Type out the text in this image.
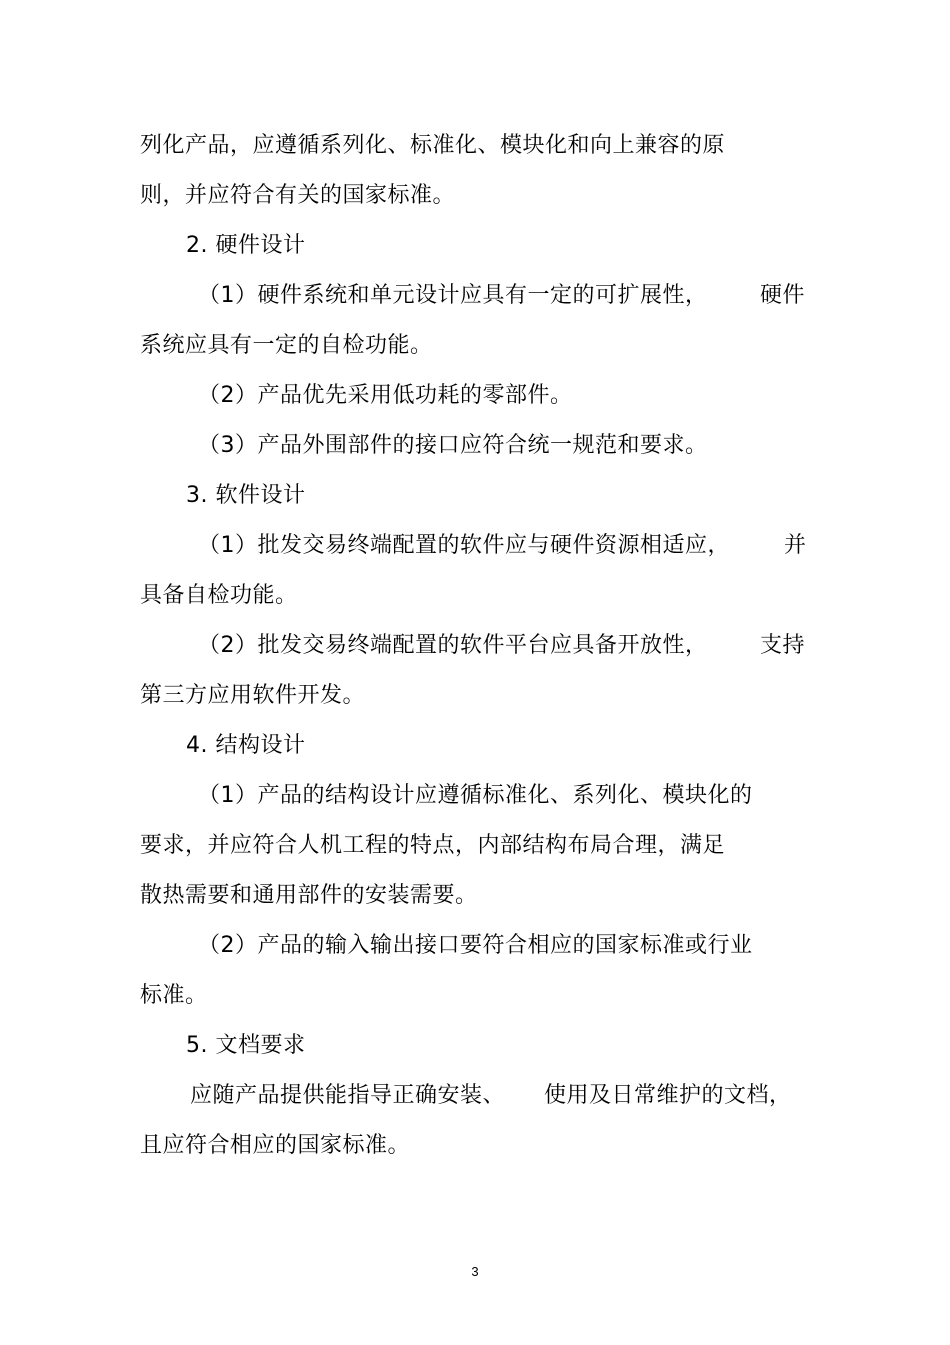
列化产品，应遵循系列化、标准化、模块化和向上兼容的原
则，并应符合有关的国家标准。
2. 硬件设计
（1）硬件系统和单元设计应具有一定的可扩展性， 硬件
系统应具有一定的自检功能。
（2）产品优先采用低功耗的零部件。
（3）产品外围部件的接口应符合统一规范和要求。
3. 软件设计
（1）批发交易终端配置的软件应与硬件资源相适应， 并
具备自检功能。
（2）批发交易终端配置的软件平台应具备开放性， 支持
第三方应用软件开发。
4. 结构设计
（1）产品的结构设计应遵循标准化、系列化、模块化的
要求，并应符合人机工程的特点，内部结构布局合理，满足
散热需要和通用部件的安装需要。
（2）产品的输入输出接口要符合相应的国家标准或行业
标准。
5. 文档要求
应随产品提供能指导正确安装、 使用及日常维护的文档，
且应符合相应的国家标准。
3
